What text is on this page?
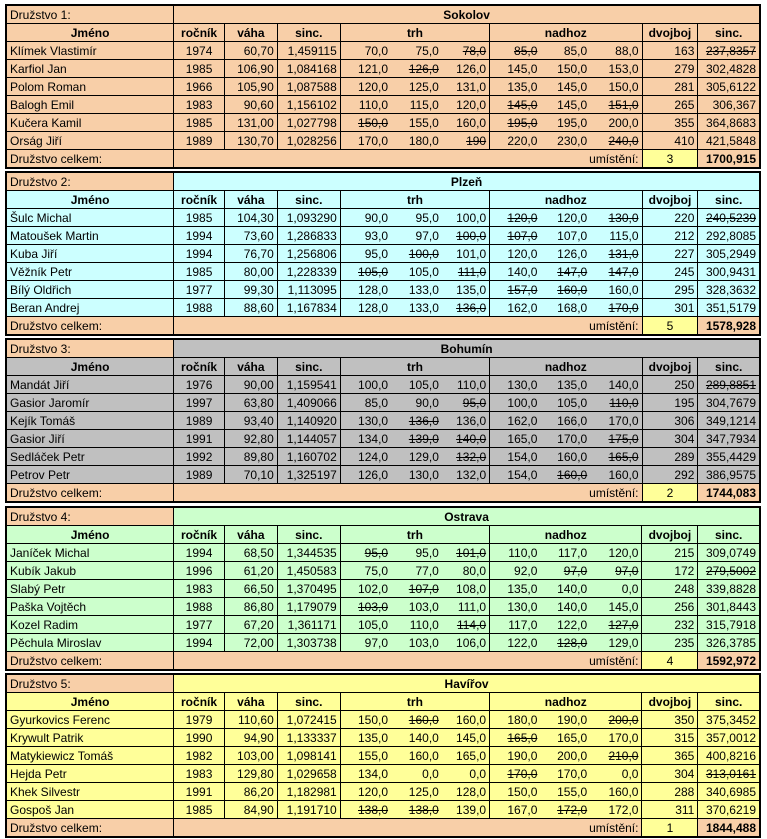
Družstvo 1:	Sokolov										
Jméno	ročník	váha	sinc.	trh			nadhoz			dvojboj	sinc.
Klímek Vlastimír	1974	60,70	1,459115	70,0	75,0	78,0	85,0	85,0	88,0	163	237,8357
Karfiol Jan	1985	106,90	1,084168	121,0	126,0	126,0	145,0	150,0	153,0	279	302,4828
Polom Roman	1966	105,90	1,087588	120,0	125,0	131,0	135,0	145,0	150,0	281	305,6122
Balogh Emil	1983	90,60	1,156102	110,0	115,0	120,0	145,0	145,0	151,0	265	306,367
Kučera Kamil	1985	131,00	1,027798	150,0	155,0	160,0	195,0	195,0	200,0	355	364,8683
Orság Jiří	1989	130,70	1,028256	170,0	180,0	190	220,0	230,0	240,0	410	421,5848
Družstvo celkem:	umístění:									3	1700,915
Družstvo 2:	Plzeň										
Jméno	ročník	váha	sinc.	trh			nadhoz			dvojboj	sinc.
Šulc Michal	1985	104,30	1,093290	90,0	95,0	100,0	120,0	120,0	130,0	220	240,5239
Matoušek Martin	1994	73,60	1,286833	93,0	97,0	100,0	107,0	107,0	115,0	212	292,8085
Kuba Jiří	1994	76,70	1,256806	95,0	100,0	101,0	120,0	126,0	131,0	227	305,2949
Věžník Petr	1985	80,00	1,228339	105,0	105,0	111,0	140,0	147,0	147,0	245	300,9431
Bílý Oldřich	1977	99,30	1,113095	128,0	133,0	135,0	157,0	160,0	160,0	295	328,3632
Beran Andrej	1988	88,60	1,167834	128,0	133,0	136,0	162,0	168,0	170,0	301	351,5179
Družstvo celkem:	umístění:									5	1578,928
Družstvo 3:	Bohumín										
Jméno	ročník	váha	sinc.	trh			nadhoz			dvojboj	sinc.
Mandát Jiří	1976	90,00	1,159541	100,0	105,0	110,0	130,0	135,0	140,0	250	289,8851
Gasior Jaromír	1997	63,80	1,409066	85,0	90,0	95,0	100,0	105,0	110,0	195	304,7679
Kejík Tomáš	1989	93,40	1,140920	130,0	136,0	136,0	162,0	166,0	170,0	306	349,1214
Gasior Jiří	1991	92,80	1,144057	134,0	139,0	140,0	165,0	170,0	175,0	304	347,7934
Sedláček Petr	1992	89,80	1,160702	124,0	129,0	132,0	154,0	160,0	165,0	289	355,4429
Petrov Petr	1989	70,10	1,325197	126,0	130,0	132,0	154,0	160,0	160,0	292	386,9575
Družstvo celkem:	umístění:									2	1744,083
Družstvo 4:	Ostrava										
Jméno	ročník	váha	sinc.	trh			nadhoz			dvojboj	sinc.
Janíček Michal	1994	68,50	1,344535	95,0	95,0	101,0	110,0	117,0	120,0	215	309,0749
Kubík Jakub	1996	61,20	1,450583	75,0	77,0	80,0	92,0	97,0	97,0	172	279,5002
Slabý Petr	1983	66,50	1,370495	102,0	107,0	108,0	135,0	140,0	0,0	248	339,8828
Paška Vojtěch	1988	86,80	1,179079	103,0	103,0	111,0	130,0	140,0	145,0	256	301,8443
Kozel Radim	1977	67,20	1,361171	105,0	110,0	114,0	117,0	122,0	127,0	232	315,7918
Pěchula Miroslav	1994	72,00	1,303738	97,0	103,0	106,0	122,0	128,0	129,0	235	326,3785
Družstvo celkem:	umístění:									4	1592,972
Družstvo 5:	Havířov										
Jméno	ročník	váha	sinc.	trh			nadhoz			dvojboj	sinc.
Gyurkovics Ferenc	1979	110,60	1,072415	150,0	160,0	160,0	180,0	190,0	200,0	350	375,3452
Krywult Patrik	1990	94,90	1,133337	135,0	140,0	145,0	165,0	165,0	170,0	315	357,0012
Matykiewicz Tomáš	1982	103,00	1,098141	155,0	160,0	165,0	190,0	200,0	210,0	365	400,8216
Hejda Petr	1983	129,80	1,029658	134,0	0,0	0,0	170,0	170,0	0,0	304	313,0161
Khek Silvestr	1991	86,20	1,182981	120,0	125,0	128,0	150,0	155,0	160,0	288	340,6985
Gospoš Jan	1985	84,90	1,191710	138,0	138,0	139,0	167,0	172,0	172,0	311	370,6219
Družstvo celkem:	umístění:									1	1844,488
